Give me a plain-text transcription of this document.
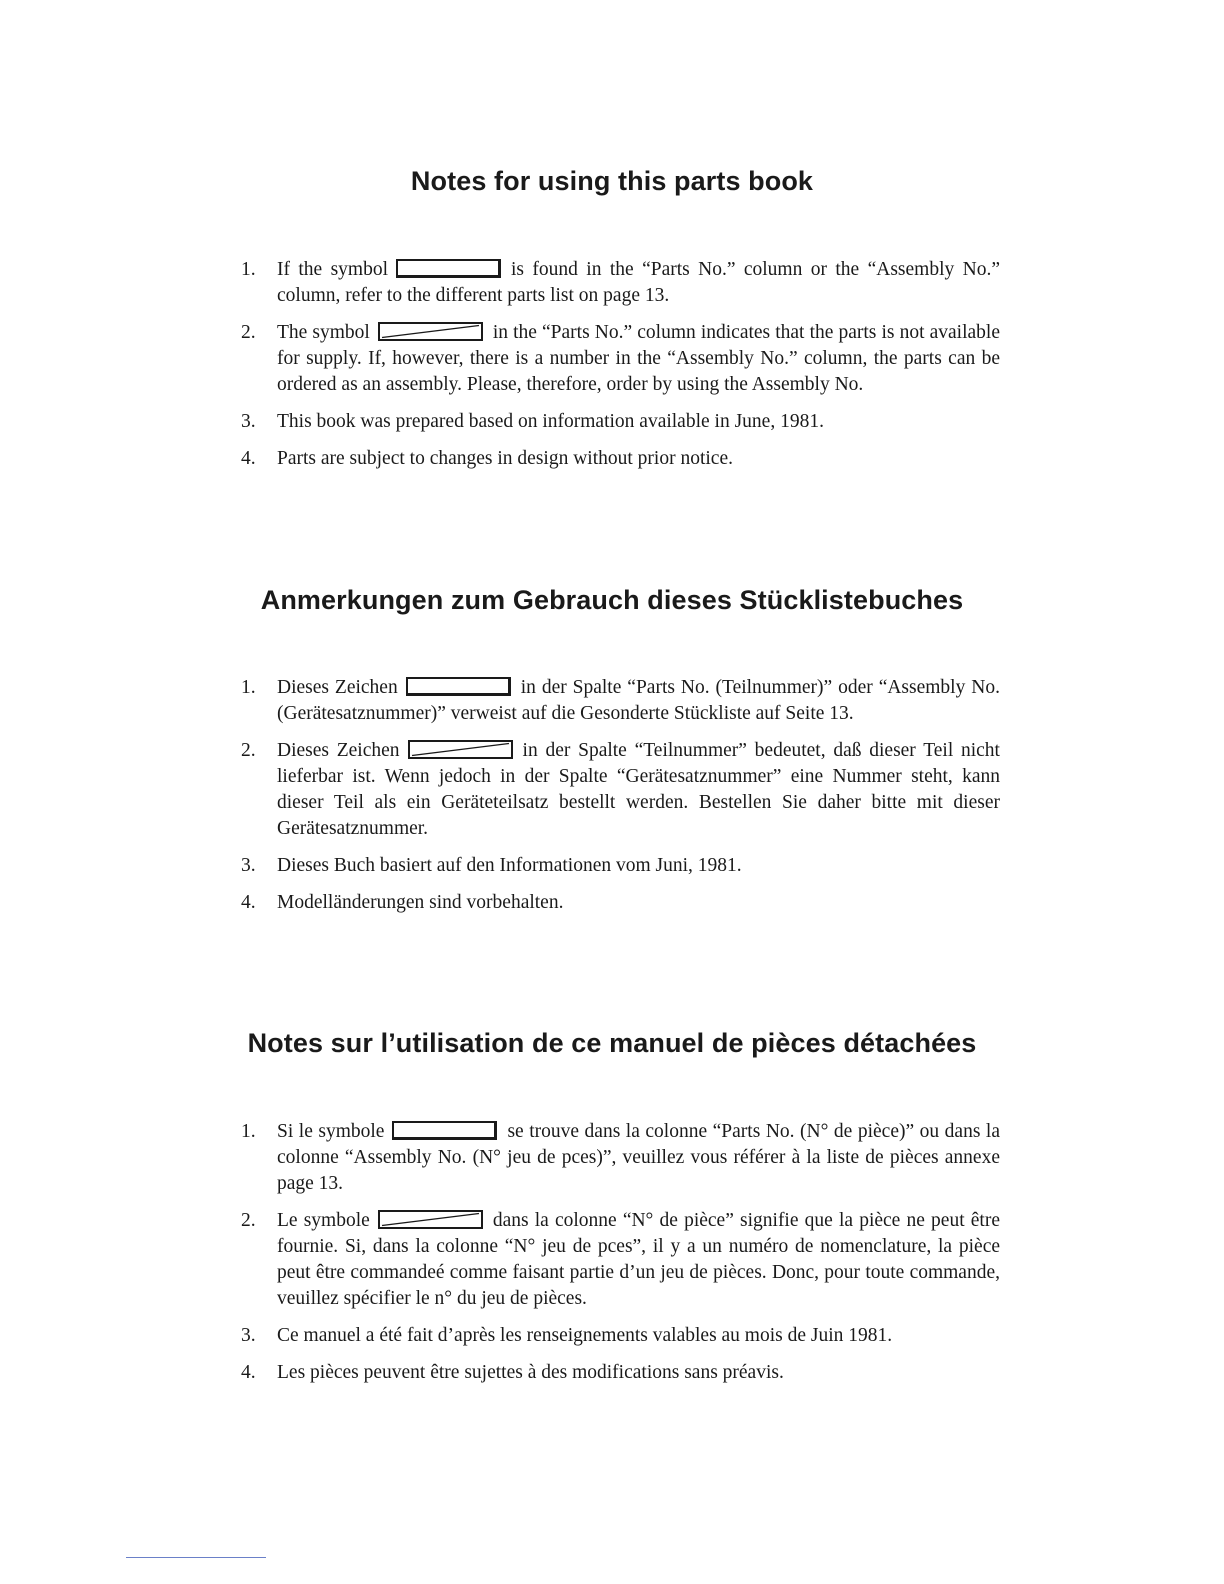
Notes for using this parts book
1. If the symbol	is found in the “Parts No.” column or the “Assembly No.” column, refer to the different parts list on page 13.
2. The symbol	in the “Parts No.” column indicates that the parts is not available for supply. If, however, there is a number in the “Assembly No.” column, the parts can be ordered as an assembly. Please, therefore, order by using the Assembly No.
3. This book was prepared based on information available in June, 1981.
4. Parts are subject to changes in design without prior notice.
Anmerkungen zum Gebrauch dieses Stücklistebuches
1. Dieses Zeichen	in der Spalte “Parts No. (Teilnummer)” oder “Assembly No. (Gerätesatznummer)” verweist auf die Gesonderte Stückliste auf Seite 13.
2. Dieses Zeichen	in der Spalte “Teilnummer” bedeutet, daß dieser Teil nicht lieferbar ist. Wenn jedoch in der Spalte “Gerätesatznummer” eine Nummer steht, kann dieser Teil als ein Geräteteilsatz bestellt werden. Bestellen Sie daher bitte mit dieser Gerätesatznummer.
3. Dieses Buch basiert auf den Informationen vom Juni, 1981.
4. Modelländerungen sind vorbehalten.
Notes sur l’utilisation de ce manuel de pièces détachées
1. Si le symbole	se trouve dans la colonne “Parts No. (N° de pièce)” ou dans la colonne “Assembly No. (N° jeu de pces)”, veuillez vous référer à la liste de pièces annexe page 13.
2. Le symbole	dans la colonne “N° de pièce” signifie que la pièce ne peut être fournie. Si, dans la colonne “N° jeu de pces”, il y a un numéro de nomenclature, la pièce peut être commandeé comme faisant partie d’un jeu de pièces. Donc, pour toute commande, veuillez spécifier le n° du jeu de pièces.
3. Ce manuel a été fait d’après les renseignements valables au mois de Juin 1981.
4. Les pièces peuvent être sujettes à des modifications sans préavis.
